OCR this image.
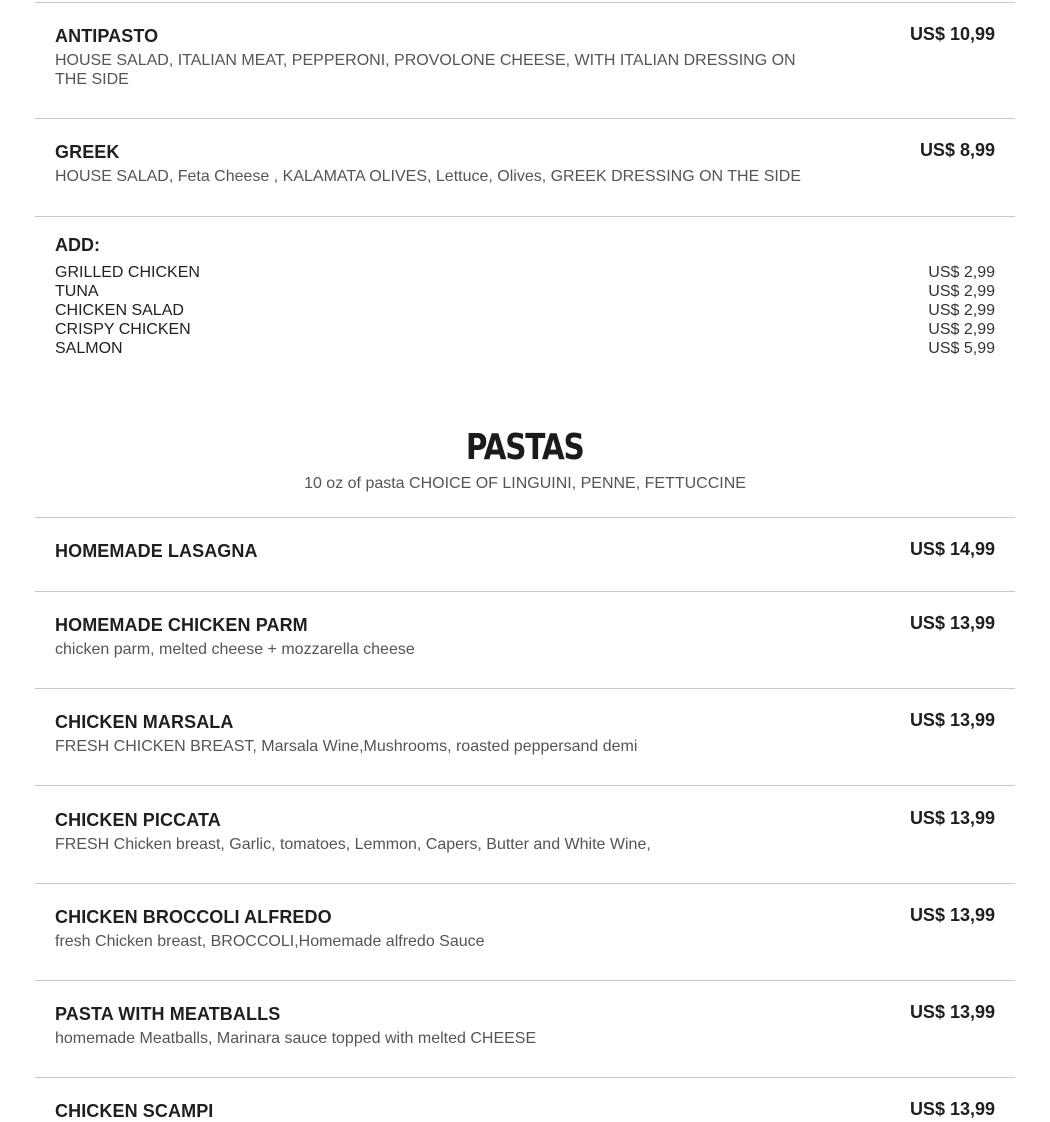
ANTIPASTO
HOUSE SALAD, ITALIAN MEAT, PEPPERONI, PROVOLONE CHEESE, WITH ITALIAN DRESSING ON THE SIDE
US$ 10,99
GREEK
HOUSE SALAD, Feta Cheese , KALAMATA OLIVES, Lettuce, Olives, GREEK DRESSING ON THE SIDE
US$ 8,99
ADD:
GRILLED CHICKEN	US$ 2,99
TUNA	US$ 2,99
CHICKEN SALAD	US$ 2,99
CRISPY CHICKEN	US$ 2,99
SALMON	US$ 5,99
PASTAS
10 oz of pasta CHOICE OF LINGUINI, PENNE, FETTUCCINE
HOMEMADE LASAGNA	US$ 14,99
HOMEMADE CHICKEN PARM
chicken parm, melted cheese + mozzarella cheese
US$ 13,99
CHICKEN MARSALA
FRESH CHICKEN BREAST, Marsala Wine,Mushrooms, roasted peppersand demi
US$ 13,99
CHICKEN PICCATA
FRESH Chicken breast, Garlic, tomatoes, Lemmon, Capers, Butter and White Wine,
US$ 13,99
CHICKEN BROCCOLI ALFREDO
fresh Chicken breast, BROCCOLI,Homemade alfredo Sauce
US$ 13,99
PASTA WITH MEATBALLS
homemade Meatballs, Marinara sauce topped with melted CHEESE
US$ 13,99
CHICKEN SCAMPI	US$ 13,99
